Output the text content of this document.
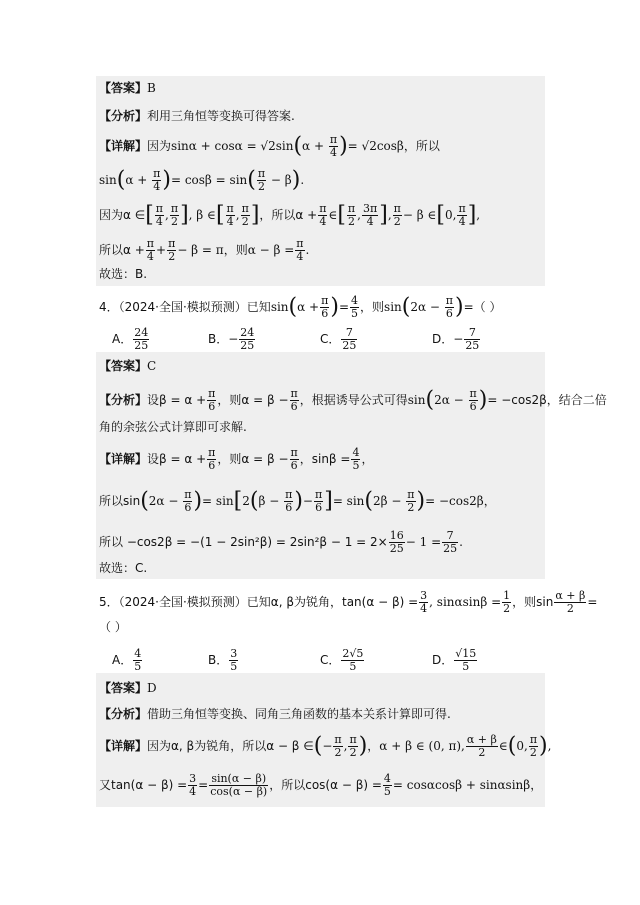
【答案】B
【分析】利用三角恒等变换可得答案.
【详解】因为$\sin\alpha + \cos\alpha = √2\sin(\alpha + \frac{\pi}{4}$ )= √2cosβ，所以
$\sin(\alpha + \frac{\pi}{4}$ )= $\cos\beta = \sin( \frac{\pi}{2} - \beta)$.
因为α ∈[ $\frac{\pi}{4}$ , $\frac{\pi}{2}$ ], β ∈[ $\frac{\pi}{4}$ , $\frac{\pi}{2}$ ]，所以$\alpha + \frac{\pi}{4}$ ∈[ $\frac{\pi}{2}$ , $\frac{3\pi}{4}$ ], $\frac{\pi}{2} - \beta$ ∈[0, $\frac{\pi}{4}$ ],
所以$\alpha + \frac{\pi}{4} + \frac{\pi}{2} - \beta = \pi$，则$\alpha - \beta = \frac{\pi}{4}$ .
故选：B.
4．（2024·全国·模拟预测）已知$\sin(\alpha + \frac{\pi}{6}$ )= $\frac{4}{5}$ ，则$\sin(2\alpha - \frac{\pi}{6}$ )=（ ）
A． $\frac{24}{25}$	B．− $\frac{24}{25}$	C． $\frac{7}{25}$	D．− $\frac{7}{25}$
【答案】C
【分析】设$\beta = \alpha + \frac{\pi}{6}$ ，则$\alpha = \beta - \frac{\pi}{6}$ ，根据诱导公式可得$\sin(2\alpha - \frac{\pi}{6}$ )= −cos2β，结合二倍
角的余弦公式计算即可求解.
【详解】设$\beta = \alpha + \frac{\pi}{6}$ ，则$\alpha = \beta - \frac{\pi}{6}$ ，$\sin\beta = \frac{4}{5}$ ，
所以$\sin(2\alpha - \frac{\pi}{6}$ )= $\sin[2(\beta - \frac{\pi}{6}$ )− $\frac{\pi}{6}$ ]= $\sin(2\beta - \frac{\pi}{2}$ )= −cos2β，
所以 $-\cos 2\beta = -(1 - 2\sin^2\beta) = 2\sin^2\beta - 1 = 2\times \frac{16}{25} - 1 = \frac{7}{25}$ .
故选：C.
5．（2024·全国·模拟预测）已知α, β为锐角，$\tan(\alpha - \beta) = \frac{3}{4}$ , $\sin\alpha\sin\beta = \frac{1}{2}$ ，则$\sin \frac{\alpha + \beta}{2}$ =
（ ）
A． $\frac{4}{5}$	B． $\frac{3}{5}$	C． $\frac{2√5}{5}$	D． $\frac{√15}{5}$
【答案】D
【分析】借助三角恒等变换、同角三角函数的基本关系计算即可得.
【详解】因为α, β为锐角，所以α − β ∈(− $\frac{\pi}{2}$ , $\frac{\pi}{2}$ )，α + β ∈ (0, π), $\frac{\alpha + \beta}{2}$ ∈(0, $\frac{\pi}{2}$ ),
又$\tan(\alpha - \beta) = \frac{3}{4} = \frac{\sin(\alpha - \beta)}{\cos(\alpha - \beta)}$ ，所以$\cos(\alpha - \beta) = \frac{4}{5} = \cos\alpha\cos\beta + \sin\alpha\sin\beta$，
